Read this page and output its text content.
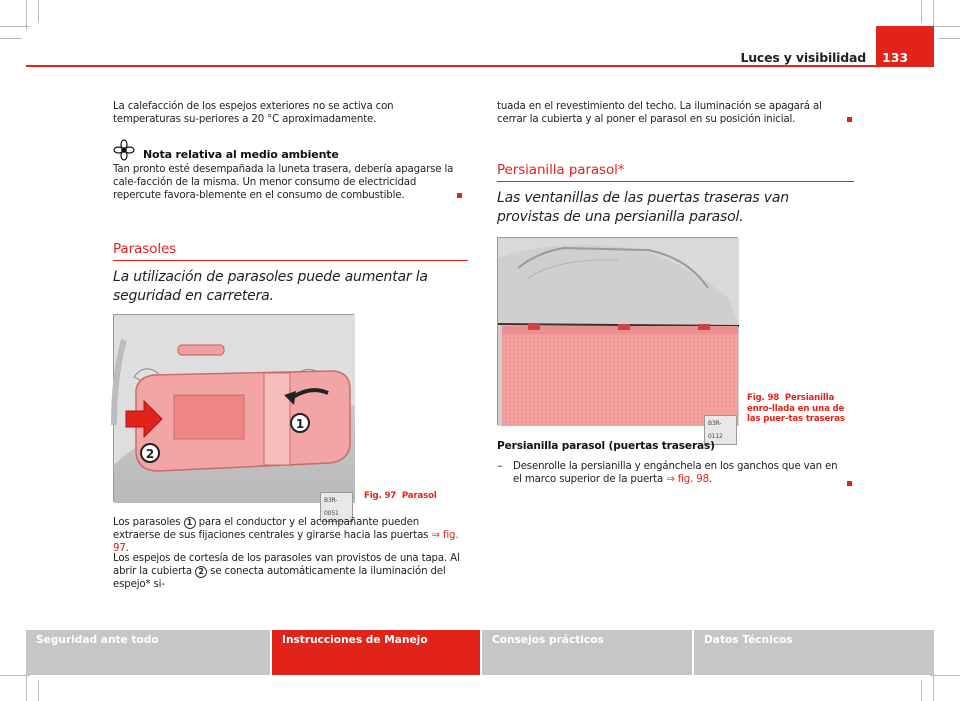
Luces y visibilidad 133
La calefacción de los espejos exteriores no se activa con temperaturas su-periores a 20 °C aproximadamente.
Nota relativa al medio ambiente
Tan pronto esté desempañada la luneta trasera, debería apagarse la cale-facción de la misma. Un menor consumo de electricidad repercute favora-blemente en el consumo de combustible.
Parasoles
La utilización de parasoles puede aumentar la seguridad en carretera.
1
2
B3R-0051
Fig. 97 Parasol
Los parasoles 1 para el conductor y el acompañante pueden extraerse de sus fijaciones centrales y girarse hacia las puertas ⇒ fig. 97.
Los espejos de cortesía de los parasoles van provistos de una tapa. Al abrir la cubierta 2 se conecta automáticamente la iluminación del espejo* si-
tuada en el revestimiento del techo. La iluminación se apagará al cerrar la cubierta y al poner el parasol en su posición inicial.
Persianilla parasol*
Las ventanillas de las puertas traseras van provistas de una persianilla parasol.
B3R-0112
Fig. 98 Persianilla enro-llada en una de las puer-tas traseras
Persianilla parasol (puertas traseras)
– Desenrolle la persianilla y engánchela en los ganchos que van en el marco superior de la puerta ⇒ fig. 98.
Seguridad ante todo	Instrucciones de Manejo	Consejos prácticos	Datos Técnicos
